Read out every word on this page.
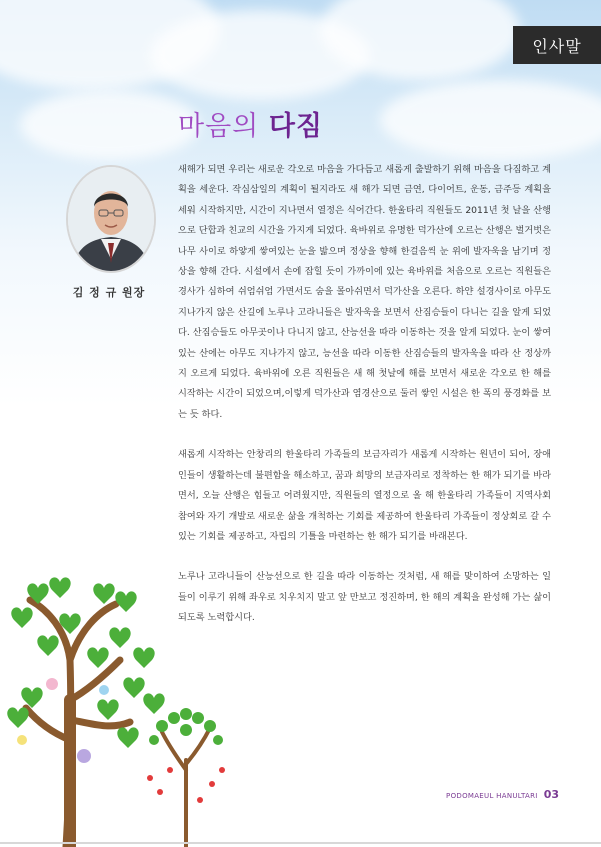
인사말
마음의 다짐
김 정 규 원장

새해가 되면 우리는 새로운 각오로 마음을 가다듬고 새롭게 출발하기 위해 마음을 다짐하고 계획을 세운다. 작심삼일의 계획이 될지라도 새 해가 되면 금연, 다이어트, 운동, 금주등 계획을 세워 시작하지만, 시간이 지나면서 열정은 식어간다. 한울타리 직원들도 2011년 첫 날을 산행으로 단합과 친교의 시간을 가지게 되었다. 육바위로 유명한 덕가산에 오르는 산행은 벌거벗은 나무 사이로 하얗게 쌓여있는 눈을 밟으며 정상을 향해 한걸음씩 눈 위에 발자욱을 남기며 정상을 향해 간다. 시설에서 손에 잡힐 듯이 가까이에 있는 육바위를 처음으로 오르는 직원들은 경사가 심하여 쉬엄쉬엄 가면서도 숨을 몰아쉬면서 덕가산을 오른다. 하얀 설경사이로 아무도 지나가지 않은 산길에 노루나 고라니들은 발자욱을 보면서 산짐승들이 다니는 길을 알게 되었다. 산짐승들도 아무곳이나 다니지 않고, 산능선을 따라 이동하는 것을 알게 되었다. 눈이 쌓여있는 산에는 아무도 지나가지 않고, 능선을 따라 이동한 산짐승들의 발자욱을 따라 산 정상까지 오르게 되었다. 육바위에 오른 직원들은 새 해 첫날에 해를 보면서 새로운 각오로 한 해를 시작하는 시간이 되었으며,이렇게 덕가산과 염경산으로 둘러 쌓인 시설은 한 폭의 풍경화를 보는 듯 하다.

새롭게 시작하는 안창리의 한울타리 가족들의 보금자리가 새롭게 시작하는 원년이 되어, 장애인들이 생활하는데 불편함을 해소하고, 꿈과 희망의 보금자리로 정착하는 한 해가 되기를 바라면서, 오늘 산행은 힘들고 어려웠지만, 직원들의 열정으로 올 해 한울타리 가족들이 지역사회 참여와 자기 개발로 새로운 삶을 개척하는 기회를 제공하여 한울타리 가족들이 정상회로 갈 수 있는 기회를 제공하고, 자립의 기틀을 마련하는 한 해가 되기를 바래본다.

노루나 고라니들이 산능선으로 한 길을 따라 이동하는 것처럼, 새 해를 맞이하여 소망하는 일들이 이루기 위해 좌우로 치우치지 말고 앞 만보고 정진하며, 한 해의 계획을 완성해 가는 삶이 되도록 노력합시다.

PODOMAEUL HANULTARI 03
